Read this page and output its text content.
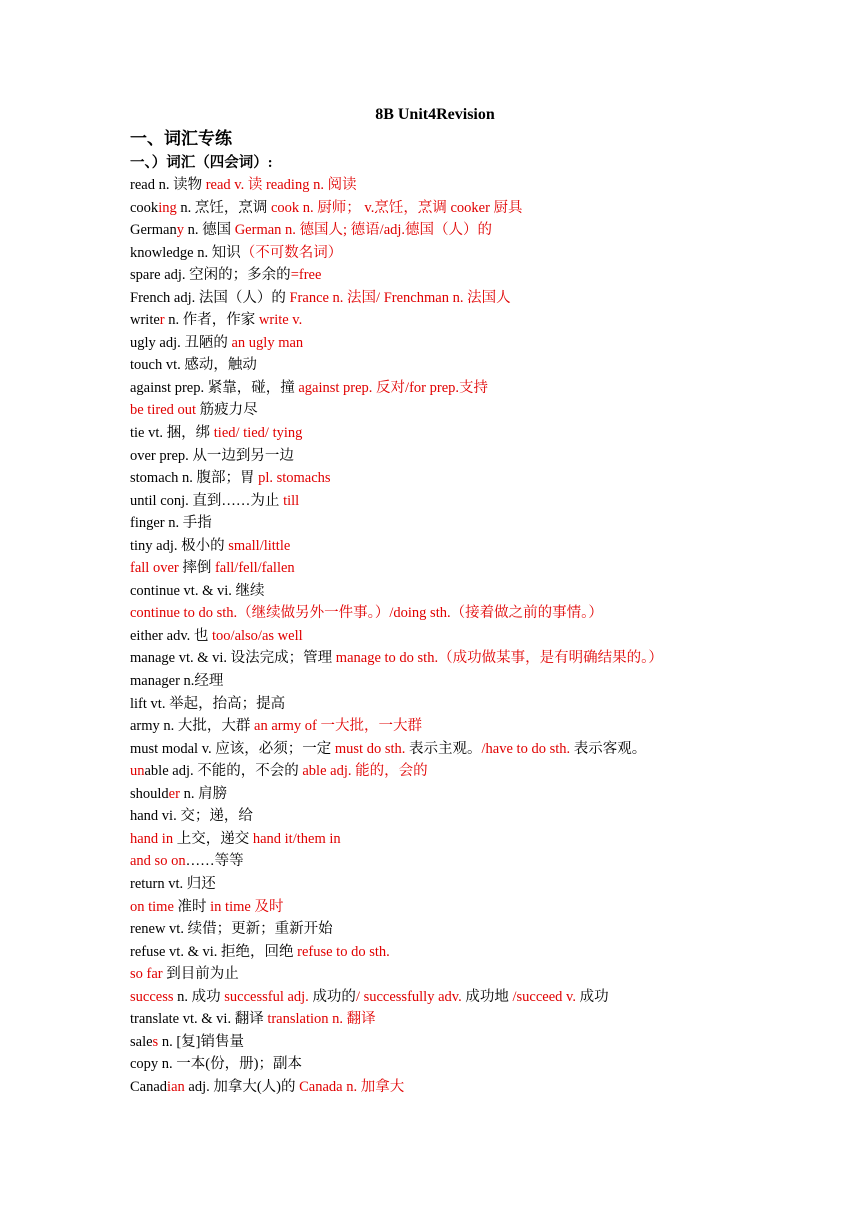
8B Unit4Revision
一、词汇专练
一、）词汇（四会词）:
read n. 读物 read v. 读 reading n. 阅读
cooking n. 烹饪，烹调 cook n. 厨师； v.烹饪，烹调 cooker 厨具
Germany n. 德国 German n. 德国人; 德语/adj.德国（人）的
knowledge n. 知识（不可数名词）
spare adj. 空闲的；多余的=free
French adj. 法国（人）的 France n. 法国/ Frenchman n. 法国人
writer n. 作者，作家 write v.
ugly adj. 丑陋的 an ugly man
touch vt. 感动，触动
against prep. 紧靠，碰，撞 against prep. 反对/for prep.支持
be tired out 筋疲力尽
tie vt. 捆，绑 tied/ tied/ tying
over prep. 从一边到另一边
stomach n. 腹部；胃 pl. stomachs
until conj. 直到……为止 till
finger n. 手指
tiny adj. 极小的 small/little
fall over 摔倒 fall/fell/fallen
continue vt. & vi. 继续 continue to do sth.（继续做另外一件事。）/doing sth.（接着做之前的事情。）
either adv. 也 too/also/as well
manage vt. & vi. 设法完成；管理 manage to do sth.（成功做某事，是有明确结果的。）
manager n.经理
lift vt. 举起，抬高；提高
army n. 大批，大群 an army of 一大批，一大群
must modal v. 应该，必须；一定 must do sth. 表示主观。/have to do sth. 表示客观。
unable adj. 不能的，不会的 able adj. 能的，会的
shoulder n. 肩膀
hand vi. 交；递，给
hand in 上交，递交 hand it/them in
and so on……等等
return vt. 归还
on time 准时 in time 及时
renew vt. 续借；更新；重新开始
refuse vt. & vi. 拒绝，回绝 refuse to do sth.
so far 到目前为止
success n. 成功 successful adj. 成功的/ successfully adv. 成功地 /succeed v. 成功
translate vt. & vi. 翻译 translation n. 翻译
sales n. [复]销售量
copy n. 一本(份，册)；副本
Canadian adj. 加拿大(人)的 Canada n. 加拿大
